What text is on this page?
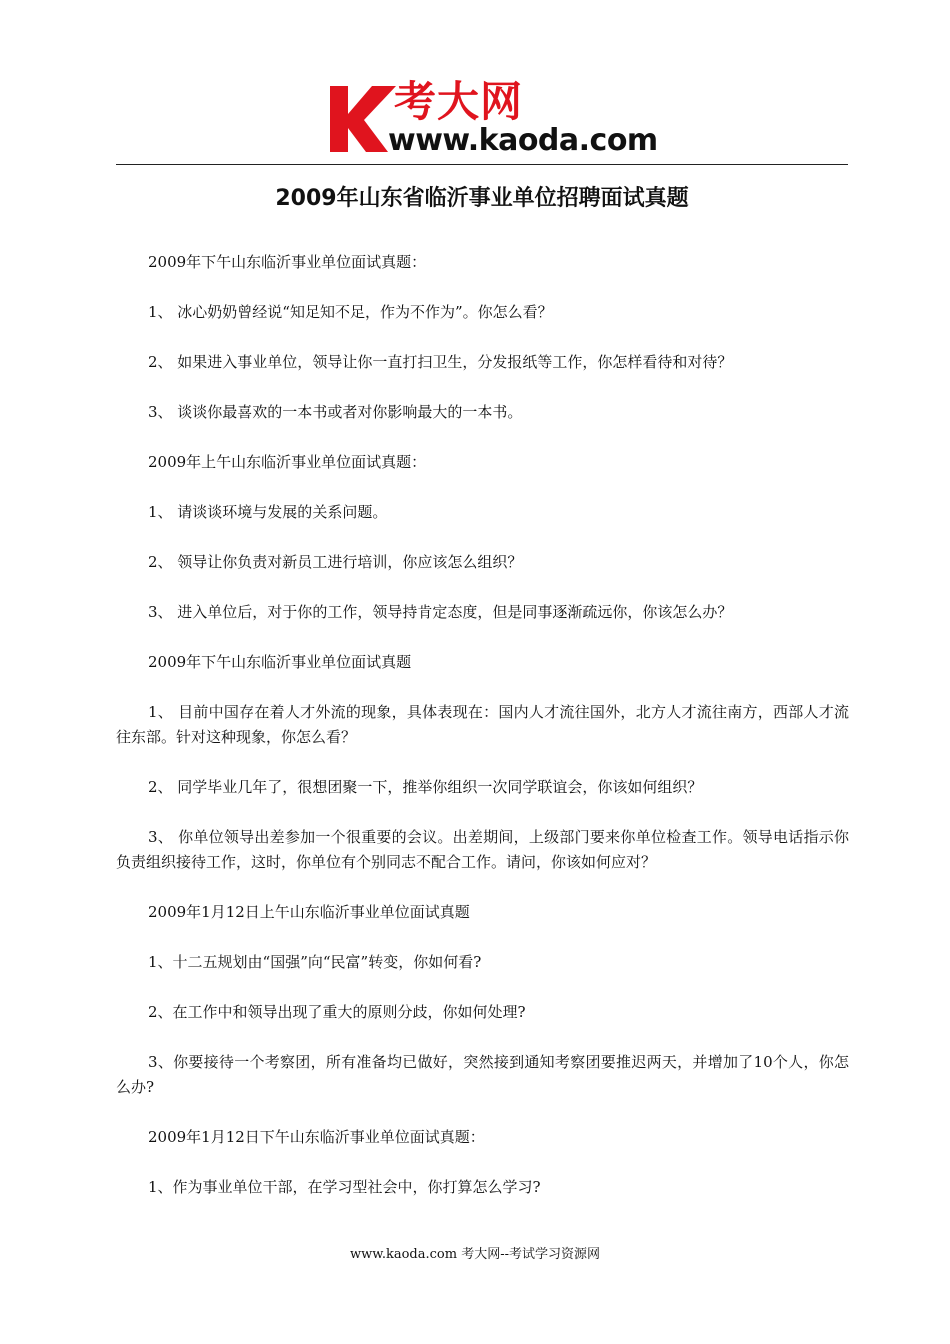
考大网
www.kaoda.com
2009年山东省临沂事业单位招聘面试真题

2009年下午山东临沂事业单位面试真题：

1、 冰心奶奶曾经说“知足知不足，作为不作为”。你怎么看？

2、 如果进入事业单位，领导让你一直打扫卫生，分发报纸等工作，你怎样看待和对待？

3、 谈谈你最喜欢的一本书或者对你影响最大的一本书。

2009年上午山东临沂事业单位面试真题：

1、 请谈谈环境与发展的关系问题。

2、 领导让你负责对新员工进行培训，你应该怎么组织？

3、 进入单位后，对于你的工作，领导持肯定态度，但是同事逐渐疏远你，你该怎么办？

2009年下午山东临沂事业单位面试真题

1、 目前中国存在着人才外流的现象，具体表现在：国内人才流往国外，北方人才流往南方，西部人才流往东部。针对这种现象，你怎么看？

2、 同学毕业几年了，很想团聚一下，推举你组织一次同学联谊会，你该如何组织？

3、 你单位领导出差参加一个很重要的会议。出差期间，上级部门要来你单位检查工作。领导电话指示你负责组织接待工作，这时，你单位有个别同志不配合工作。请问，你该如何应对？

2009年1月12日上午山东临沂事业单位面试真题

1、十二五规划由“国强”向“民富”转变，你如何看?

2、在工作中和领导出现了重大的原则分歧，你如何处理?

3、你要接待一个考察团，所有准备均已做好，突然接到通知考察团要推迟两天，并增加了10个人，你怎么办?

2009年1月12日下午山东临沂事业单位面试真题：

1、作为事业单位干部，在学习型社会中，你打算怎么学习?

www.kaoda.com 考大网--考试学习资源网
